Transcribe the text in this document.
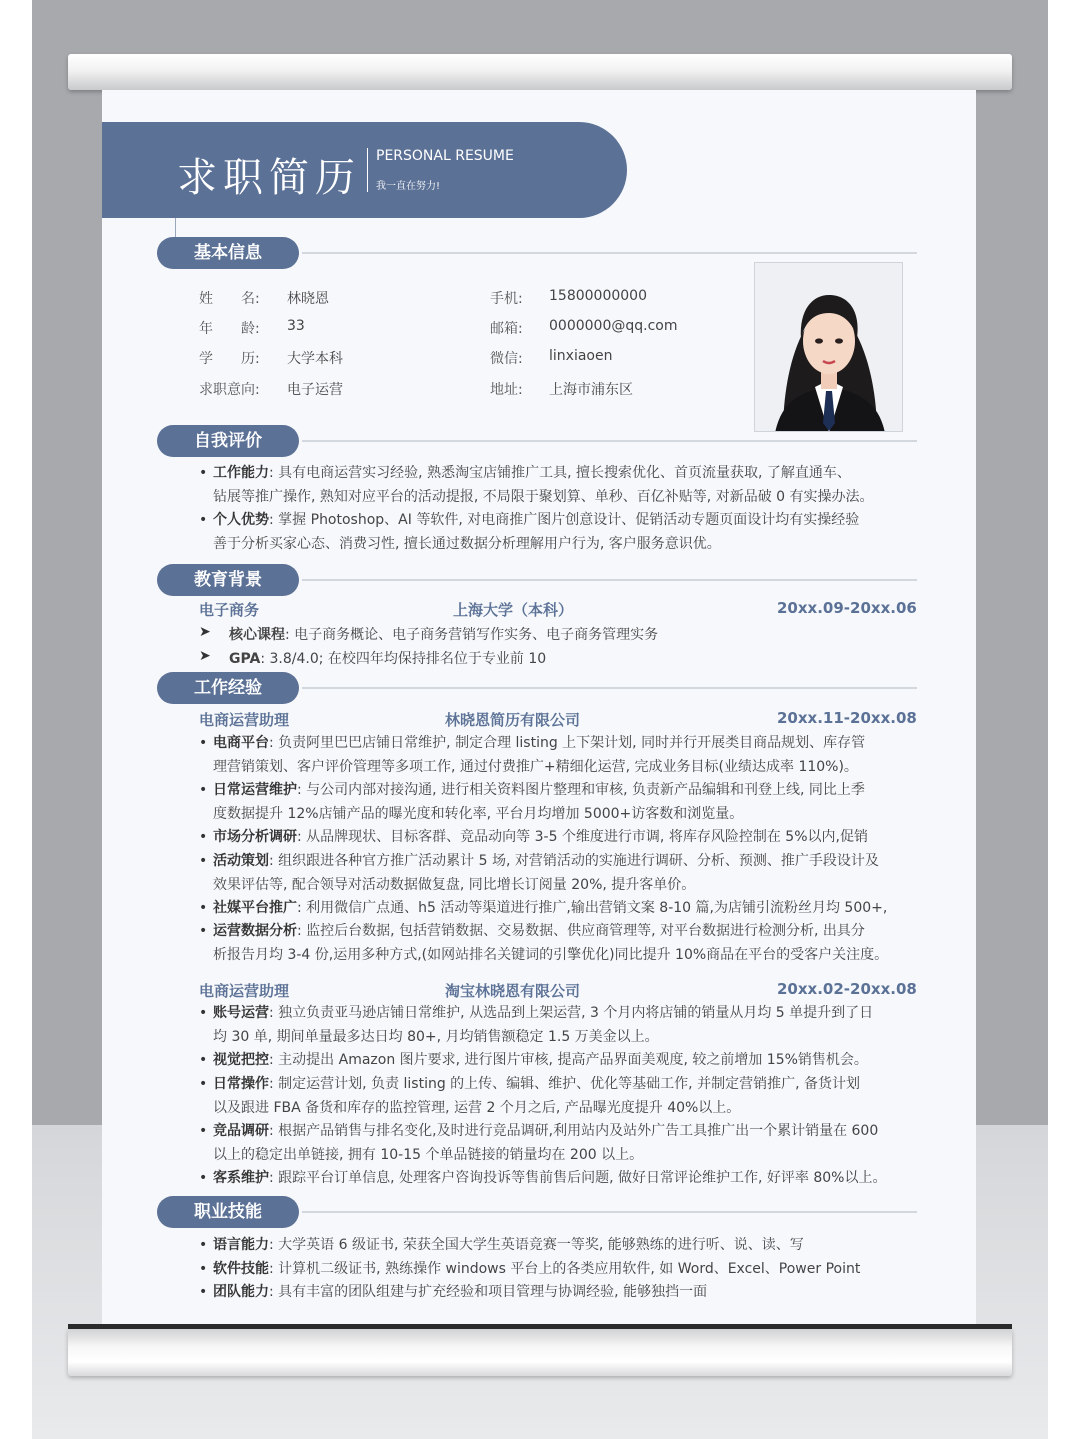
求职简历 PERSONAL RESUME
我一直在努力!
基本信息
姓　　名:	林晓恩
年　　龄:	33
学　　历:	大学本科
求职意向:	电子运营
手机:	15800000000
邮箱:	0000000@qq.com
微信:	linxiaoen
地址:	上海市浦东区
自我评价
• 工作能力: 具有电商运营实习经验, 熟悉淘宝店铺推广工具, 擅长搜索优化、首页流量获取, 了解直通车、
钻展等推广操作, 熟知对应平台的活动提报, 不局限于聚划算、单秒、百亿补贴等, 对新品破 0 有实操办法。
• 个人优势: 掌握 Photoshop、AI 等软件, 对电商推广图片创意设计、促销活动专题页面设计均有实操经验
善于分析买家心态、消费习性, 擅长通过数据分析理解用户行为, 客户服务意识优。
教育背景
电子商务	上海大学（本科）	20xx.09-20xx.06
➤	核心课程: 电子商务概论、电子商务营销写作实务、电子商务管理实务
➤	GPA: 3.8/4.0; 在校四年均保持排名位于专业前 10
工作经验
电商运营助理	林晓恩简历有限公司	20xx.11-20xx.08
• 电商平台: 负责阿里巴巴店铺日常维护, 制定合理 listing 上下架计划, 同时并行开展类目商品规划、库存管
理营销策划、客户评价管理等多项工作, 通过付费推广+精细化运营, 完成业务目标(业绩达成率 110%)。
• 日常运营维护: 与公司内部对接沟通, 进行相关资料图片整理和审核, 负责新产品编辑和刊登上线, 同比上季
度数据提升 12%店铺产品的曝光度和转化率, 平台月均增加 5000+访客数和浏览量。
• 市场分析调研: 从品牌现状、目标客群、竞品动向等 3-5 个维度进行市调, 将库存风险控制在 5%以内,促销
• 活动策划: 组织跟进各种官方推广活动累计 5 场, 对营销活动的实施进行调研、分析、预测、推广手段设计及
效果评估等, 配合领导对活动数据做复盘, 同比增长订阅量 20%, 提升客单价。
• 社媒平台推广: 利用微信广点通、h5 活动等渠道进行推广,输出营销文案 8-10 篇,为店铺引流粉丝月均 500+,
• 运营数据分析: 监控后台数据, 包括营销数据、交易数据、供应商管理等, 对平台数据进行检测分析, 出具分
析报告月均 3-4 份,运用多种方式,(如网站排名关键词的引擎优化)同比提升 10%商品在平台的受客户关注度。
电商运营助理	淘宝林晓恩有限公司	20xx.02-20xx.08
• 账号运营: 独立负责亚马逊店铺日常维护, 从选品到上架运营, 3 个月内将店铺的销量从月均 5 单提升到了日
均 30 单, 期间单量最多达日均 80+, 月均销售额稳定 1.5 万美金以上。
• 视觉把控: 主动提出 Amazon 图片要求, 进行图片审核, 提高产品界面美观度, 较之前增加 15%销售机会。
• 日常操作: 制定运营计划, 负责 listing 的上传、编辑、维护、优化等基础工作, 并制定营销推广, 备货计划
以及跟进 FBA 备货和库存的监控管理, 运营 2 个月之后, 产品曝光度提升 40%以上。
• 竞品调研: 根据产品销售与排名变化,及时进行竞品调研,利用站内及站外广告工具推广出一个累计销量在 600
以上的稳定出单链接, 拥有 10-15 个单品链接的销量均在 200 以上。
• 客系维护: 跟踪平台订单信息, 处理客户咨询投诉等售前售后问题, 做好日常评论维护工作, 好评率 80%以上。
职业技能
• 语言能力: 大学英语 6 级证书, 荣获全国大学生英语竞赛一等奖, 能够熟练的进行听、说、读、写
• 软件技能: 计算机二级证书, 熟练操作 windows 平台上的各类应用软件, 如 Word、Excel、Power Point
• 团队能力: 具有丰富的团队组建与扩充经验和项目管理与协调经验, 能够独挡一面
